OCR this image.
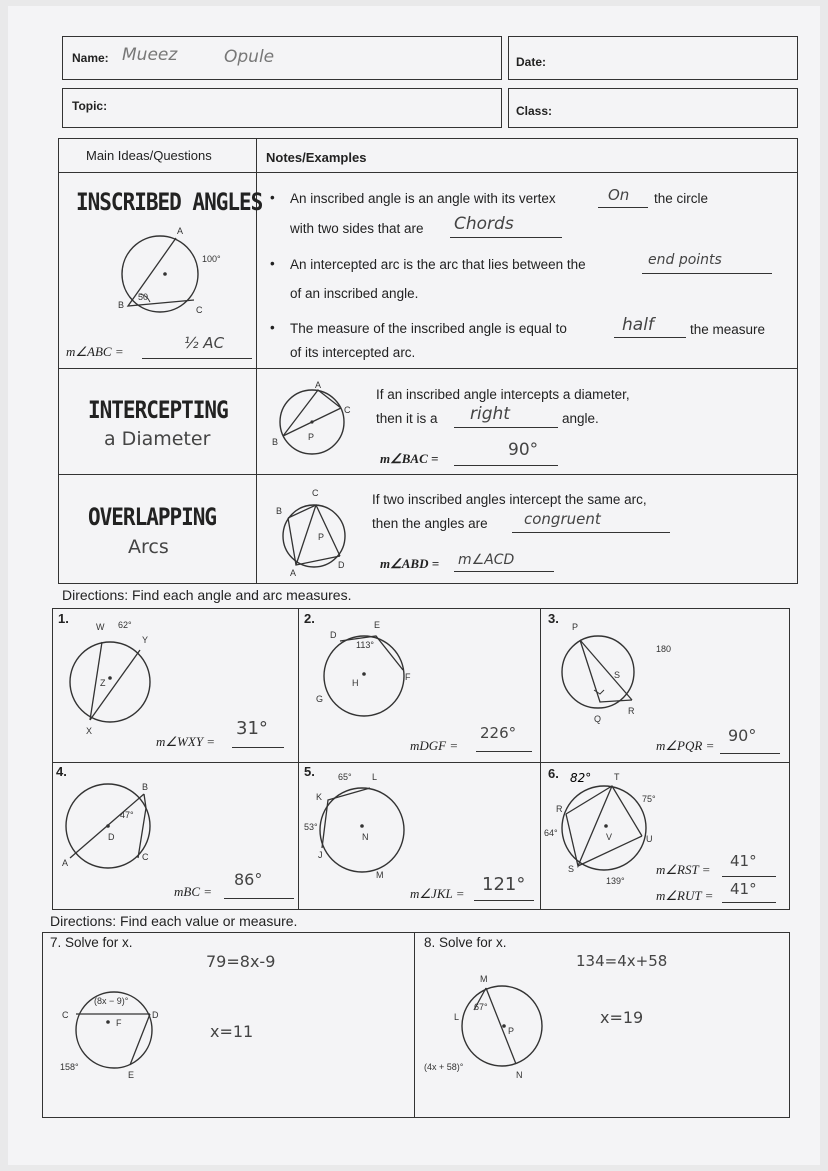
Name: Mueez	Opule	Date:
Topic:	Class:
Main Ideas/Questions	Notes/Examples
INSCRIBED ANGLES
A
B	C
100°
50
m∠ABC =	½ AC
• An inscribed angle is an angle with its vertex	On the circle
with two sides that are Chords
• An intercepted arc is the arc that lies between the	end points
of an inscribed angle.
• The measure of the inscribed angle is equal to	half	the measure
of its intercepted arc.
INTERCEPTING
a Diameter
A
B
C
P
If an inscribed angle intercepts a diameter,
then it is a right	angle.
m∠BAC =	90°
OVERLAPPING
Arcs
C
B
A
D
P
If two inscribed angles intercept the same arc,
then the angles are congruent
m∠ABD = m∠ACD
Directions: Find each angle and arc measures.
1.
W 62°
Y
Z
X
m∠WXY =
31°
2.
D
E
113°
F
H
G
mDGF =
226°
3.
P
S
Q
R
180
m∠PQR =
90°
4.
B
47°
D
C
A
mBC =
86°
5.	65° L
K
53°
N
J
M
m∠JKL = 121°
6. 82°	T
R
75°
64°	V	U
S
139°
m∠RST = 41°
m∠RUT = 41°
Directions: Find each value or measure.
7. Solve for x.
79=8x-9
x=11
(8x − 9)°
C	D
F
E
158°
8. Solve for x.
134=4x+58
x=19
M
L
67°
P
N
(4x + 58)°
